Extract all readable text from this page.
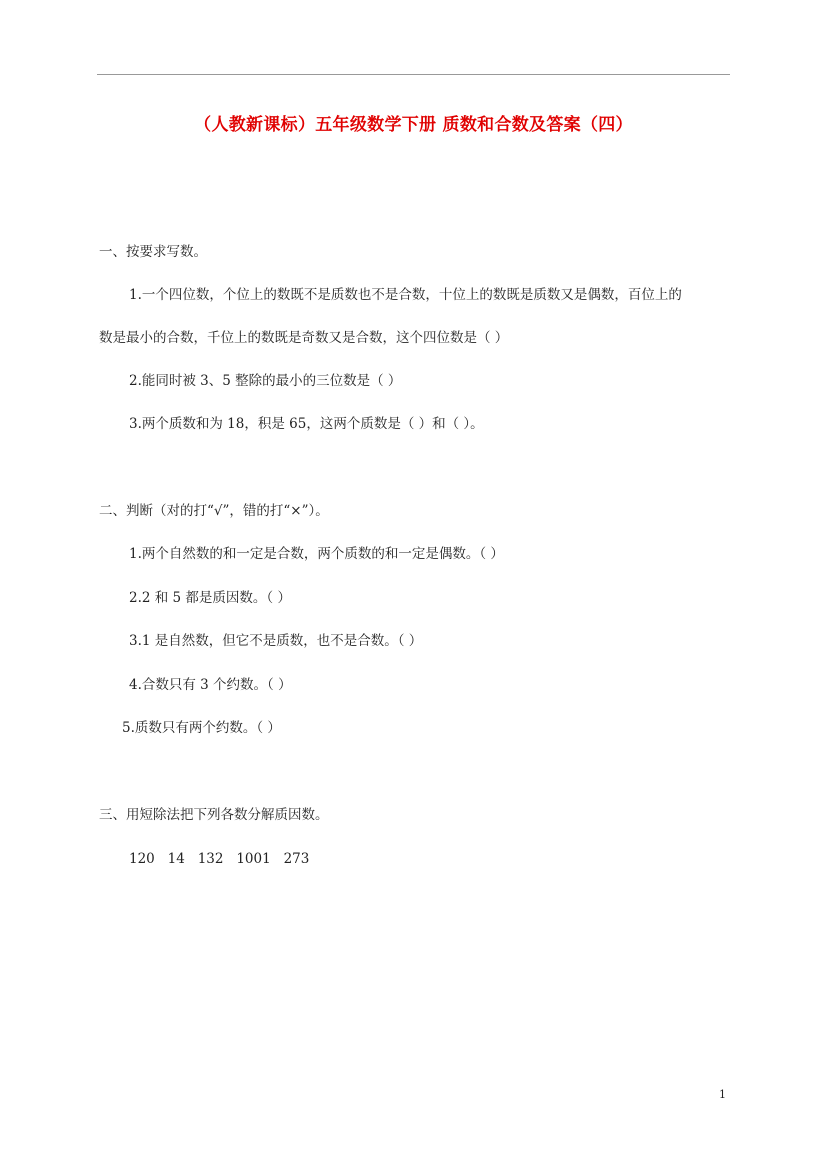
（人教新课标）五年级数学下册 质数和合数及答案（四）
一、按要求写数。
1.一个四位数，个位上的数既不是质数也不是合数，十位上的数既是质数又是偶数，百位上的
数是最小的合数，千位上的数既是奇数又是合数，这个四位数是（ ）
2.能同时被 3、5 整除的最小的三位数是（ ）
3.两个质数和为 18，积是 65，这两个质数是（ ）和（ ）。
二、判断（对的打“√”，错的打“×”）。
1.两个自然数的和一定是合数，两个质数的和一定是偶数。（ ）
2.2 和 5 都是质因数。（ ）
3.1 是自然数，但它不是质数，也不是合数。（ ）
4.合数只有 3 个约数。（ ）
5.质数只有两个约数。（ ）
三、用短除法把下列各数分解质因数。
120   14   132   1001   273
1
